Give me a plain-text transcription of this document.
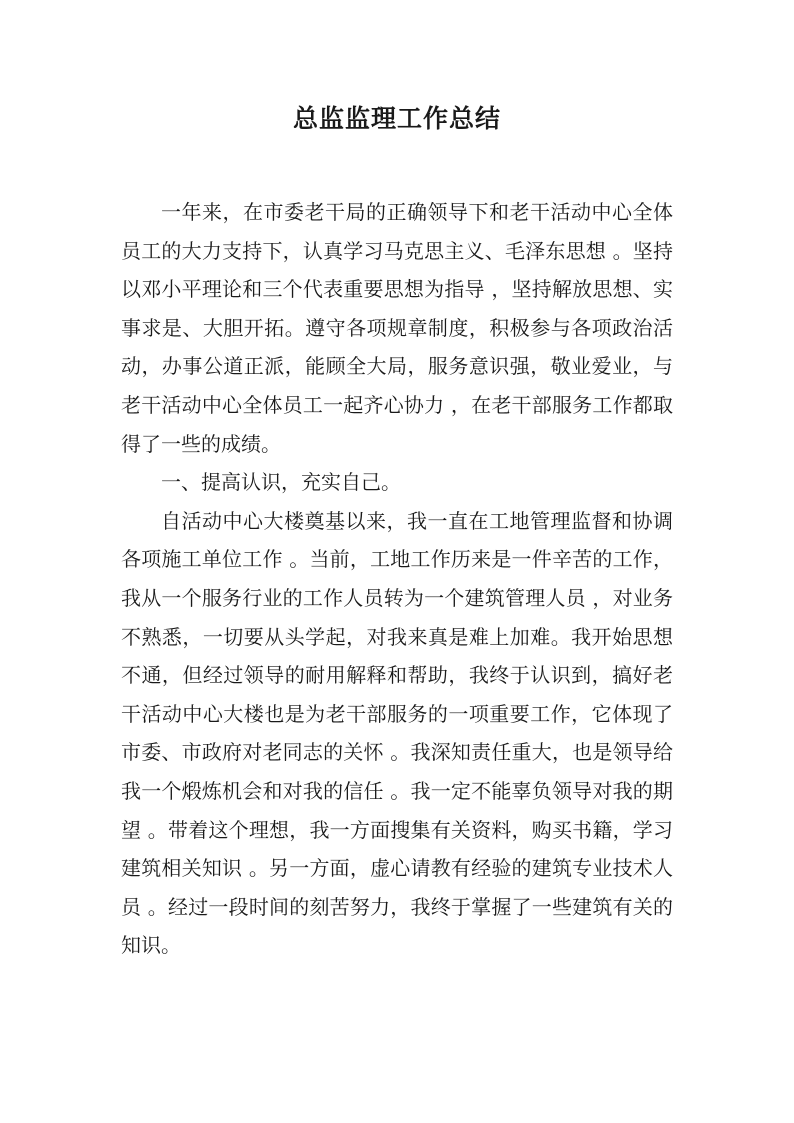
总监监理工作总结

一年来，在市委老干局的正确领导下和老干活动中心全体员工的大力支持下，认真学习马克思主义、毛泽东思想 。坚持以邓小平理论和三个代表重要思想为指导 ，坚持解放思想、实事求是、大胆开拓。遵守各项规章制度，积极参与各项政治活动，办事公道正派，能顾全大局，服务意识强，敬业爱业，与老干活动中心全体员工一起齐心协力 ，在老干部服务工作都取得了一些的成绩。

一、提高认识，充实自己。

自活动中心大楼奠基以来，我一直在工地管理监督和协调各项施工单位工作 。当前，工地工作历来是一件辛苦的工作，我从一个服务行业的工作人员转为一个建筑管理人员 ，对业务不熟悉，一切要从头学起，对我来真是难上加难。我开始思想不通，但经过领导的耐用解释和帮助，我终于认识到，搞好老干活动中心大楼也是为老干部服务的一项重要工作，它体现了市委、市政府对老同志的关怀 。我深知责任重大，也是领导给我一个煅炼机会和对我的信任 。我一定不能辜负领导对我的期望 。带着这个理想，我一方面搜集有关资料，购买书籍，学习建筑相关知识 。另一方面，虚心请教有经验的建筑专业技术人员 。经过一段时间的刻苦努力，我终于掌握了一些建筑有关的知识。
